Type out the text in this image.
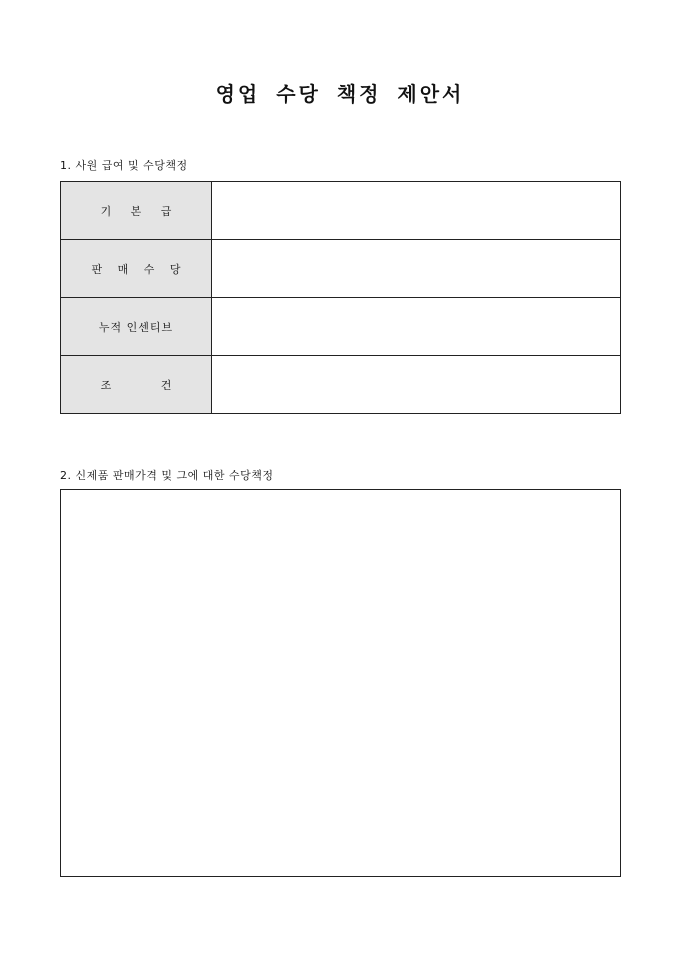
영업 수당 책정 제안서
1. 사원 급여 및 수당책정
기 본 급	
판 매 수 당	
누적 인센티브	
조 건	
2. 신제품 판매가격 및 그에 대한 수당책정
